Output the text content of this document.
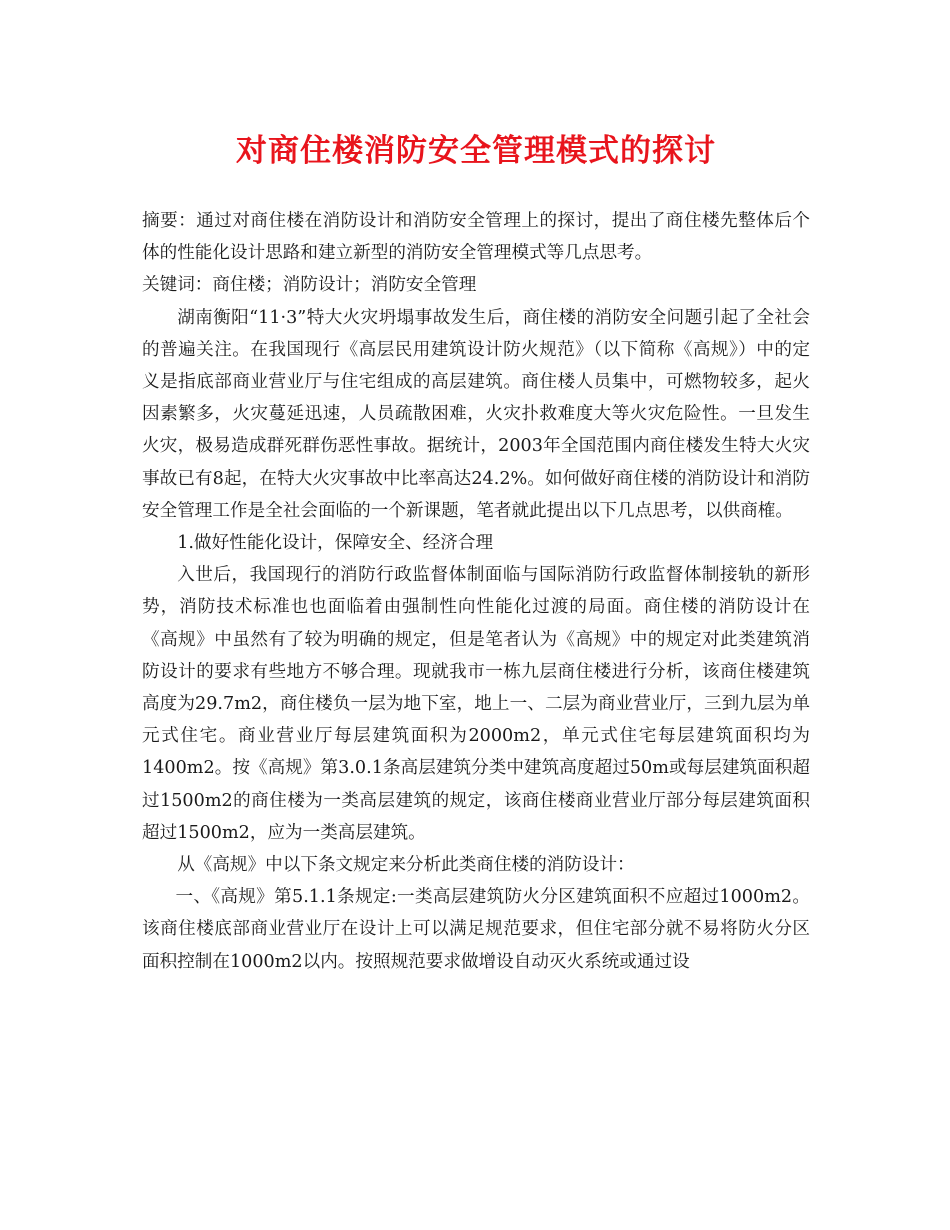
对商住楼消防安全管理模式的探讨

摘要：通过对商住楼在消防设计和消防安全管理上的探讨，提出了商住楼先整体后个体的性能化设计思路和建立新型的消防安全管理模式等几点思考。

关键词：商住楼；消防设计；消防安全管理

湖南衡阳“11·3”特大火灾坍塌事故发生后，商住楼的消防安全问题引起了全社会的普遍关注。在我国现行《高层民用建筑设计防火规范》（以下简称《高规》）中的定义是指底部商业营业厅与住宅组成的高层建筑。商住楼人员集中，可燃物较多，起火因素繁多，火灾蔓延迅速，人员疏散困难，火灾扑救难度大等火灾危险性。一旦发生火灾，极易造成群死群伤恶性事故。据统计，2003年全国范围内商住楼发生特大火灾事故已有8起，在特大火灾事故中比率高达24.2%。如何做好商住楼的消防设计和消防安全管理工作是全社会面临的一个新课题，笔者就此提出以下几点思考，以供商榷。

1.做好性能化设计，保障安全、经济合理

入世后，我国现行的消防行政监督体制面临与国际消防行政监督体制接轨的新形势，消防技术标准也也面临着由强制性向性能化过渡的局面。商住楼的消防设计在《高规》中虽然有了较为明确的规定，但是笔者认为《高规》中的规定对此类建筑消防设计的要求有些地方不够合理。现就我市一栋九层商住楼进行分析，该商住楼建筑高度为29.7m2，商住楼负一层为地下室，地上一、二层为商业营业厅，三到九层为单元式住宅。商业营业厅每层建筑面积为2000m2，单元式住宅每层建筑面积均为1400m2。按《高规》第3.0.1条高层建筑分类中建筑高度超过50m或每层建筑面积超过1500m2的商住楼为一类高层建筑的规定，该商住楼商业营业厅部分每层建筑面积超过1500m2，应为一类高层建筑。

从《高规》中以下条文规定来分析此类商住楼的消防设计：

一、《高规》第5.1.1条规定:一类高层建筑防火分区建筑面积不应超过1000m2。该商住楼底部商业营业厅在设计上可以满足规范要求，但住宅部分就不易将防火分区面积控制在1000m2以内。按照规范要求做增设自动灭火系统或通过设
